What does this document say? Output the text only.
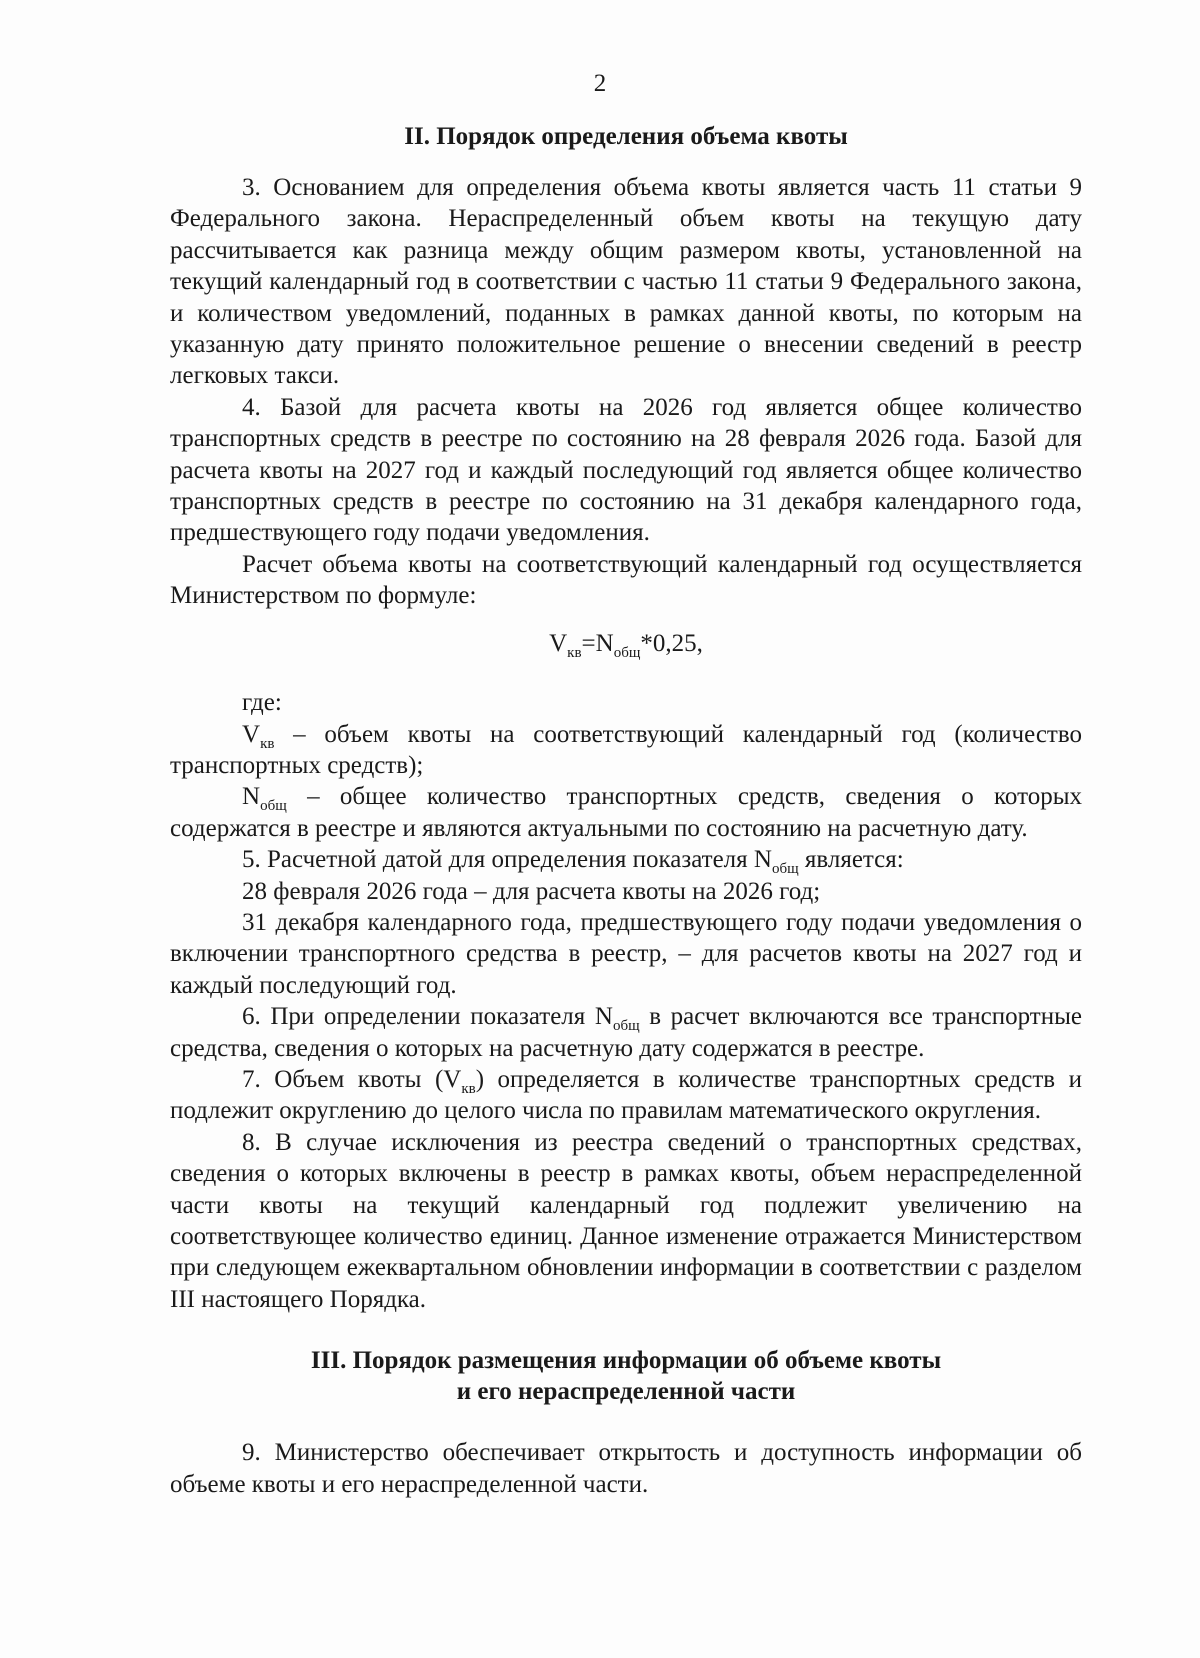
2
II. Порядок определения объема квоты

3. Основанием для определения объема квоты является часть 11 статьи 9 Федерального закона. Нераспределенный объем квоты на текущую дату рассчитывается как разница между общим размером квоты, установленной на текущий календарный год в соответствии с частью 11 статьи 9 Федерального закона, и количеством уведомлений, поданных в рамках данной квоты, по которым на указанную дату принято положительное решение о внесении сведений в реестр легковых такси.

4. Базой для расчета квоты на 2026 год является общее количество транспортных средств в реестре по состоянию на 28 февраля 2026 года. Базой для расчета квоты на 2027 год и каждый последующий год является общее количество транспортных средств в реестре по состоянию на 31 декабря календарного года, предшествующего году подачи уведомления.

Расчет объема квоты на соответствующий календарный год осуществляется Министерством по формуле:

$V_{кв}=N_{общ}*0,25$,

где:

$V_{кв}$ – объем квоты на соответствующий календарный год (количество транспортных средств);

$N_{общ}$ – общее количество транспортных средств, сведения о которых содержатся в реестре и являются актуальными по состоянию на расчетную дату.

5. Расчетной датой для определения показателя $N_{общ}$ является:

28 февраля 2026 года – для расчета квоты на 2026 год;

31 декабря календарного года, предшествующего году подачи уведомления о включении транспортного средства в реестр, – для расчетов квоты на 2027 год и каждый последующий год.

6. При определении показателя $N_{общ}$ в расчет включаются все транспортные средства, сведения о которых на расчетную дату содержатся в реестре.

7. Объем квоты $(V_{кв})$ определяется в количестве транспортных средств и подлежит округлению до целого числа по правилам математического округления.

8. В случае исключения из реестра сведений о транспортных средствах, сведения о которых включены в реестр в рамках квоты, объем нераспределенной части квоты на текущий календарный год подлежит увеличению на соответствующее количество единиц. Данное изменение отражается Министерством при следующем ежеквартальном обновлении информации в соответствии с разделом III настоящего Порядка.

III. Порядок размещения информации об объеме квоты
и его нераспределенной части

9. Министерство обеспечивает открытость и доступность информации об объеме квоты и его нераспределенной части.
